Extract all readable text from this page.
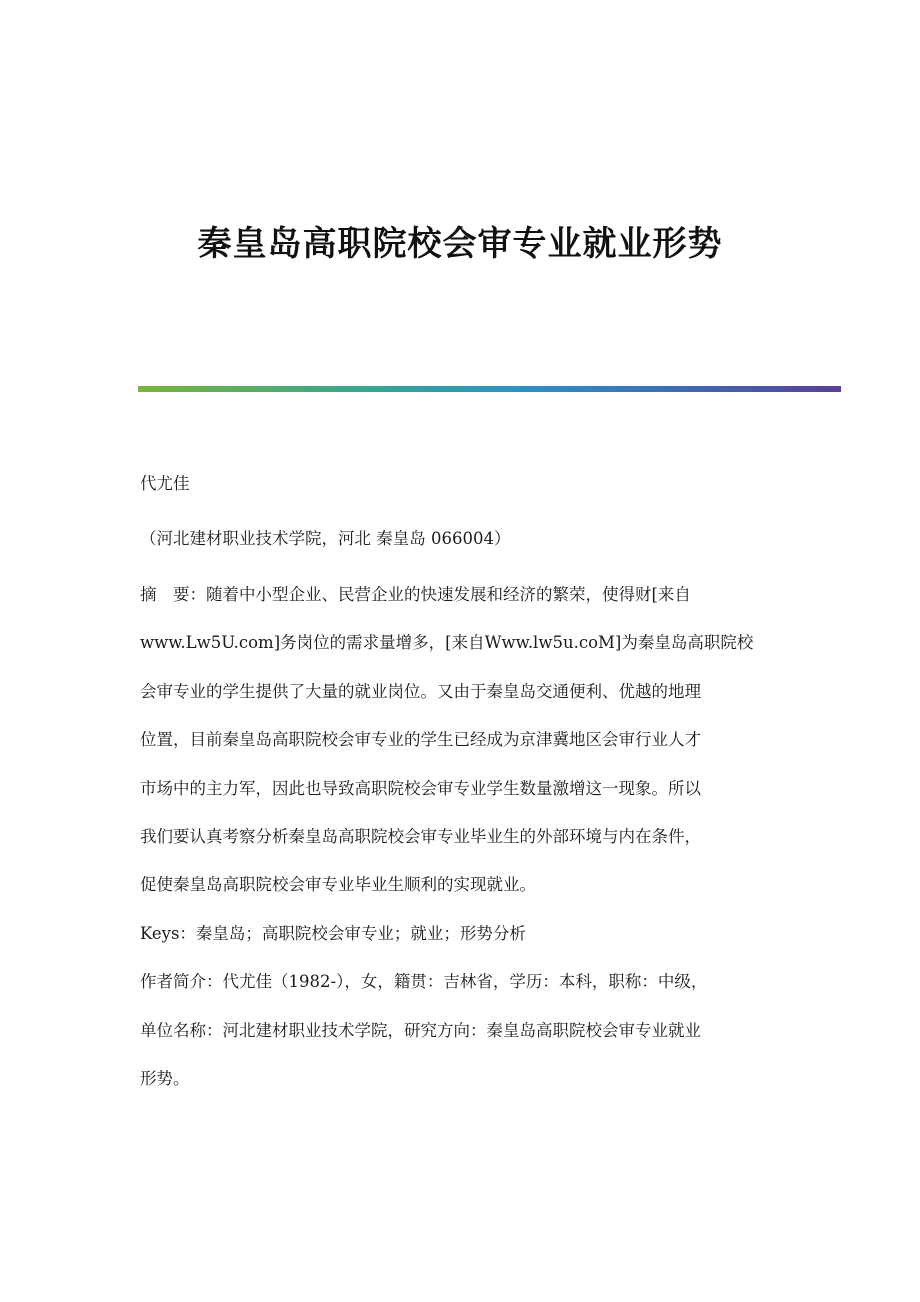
秦皇岛高职院校会审专业就业形势

代尤佳

（河北建材职业技术学院，河北 秦皇岛 066004）

摘　要：随着中小型企业、民营企业的快速发展和经济的繁荣，使得财[来自

www.Lw5U.com]务岗位的需求量增多，[来自Www.lw5u.coM]为秦皇岛高职院校

会审专业的学生提供了大量的就业岗位。又由于秦皇岛交通便利、优越的地理

位置，目前秦皇岛高职院校会审专业的学生已经成为京津冀地区会审行业人才

市场中的主力军，因此也导致高职院校会审专业学生数量激增这一现象。所以

我们要认真考察分析秦皇岛高职院校会审专业毕业生的外部环境与内在条件，

促使秦皇岛高职院校会审专业毕业生顺利的实现就业。

Keys：秦皇岛；高职院校会审专业；就业；形势分析

作者简介：代尤佳（1982-），女，籍贯：吉林省，学历：本科，职称：中级，

单位名称：河北建材职业技术学院，研究方向：秦皇岛高职院校会审专业就业

形势。
